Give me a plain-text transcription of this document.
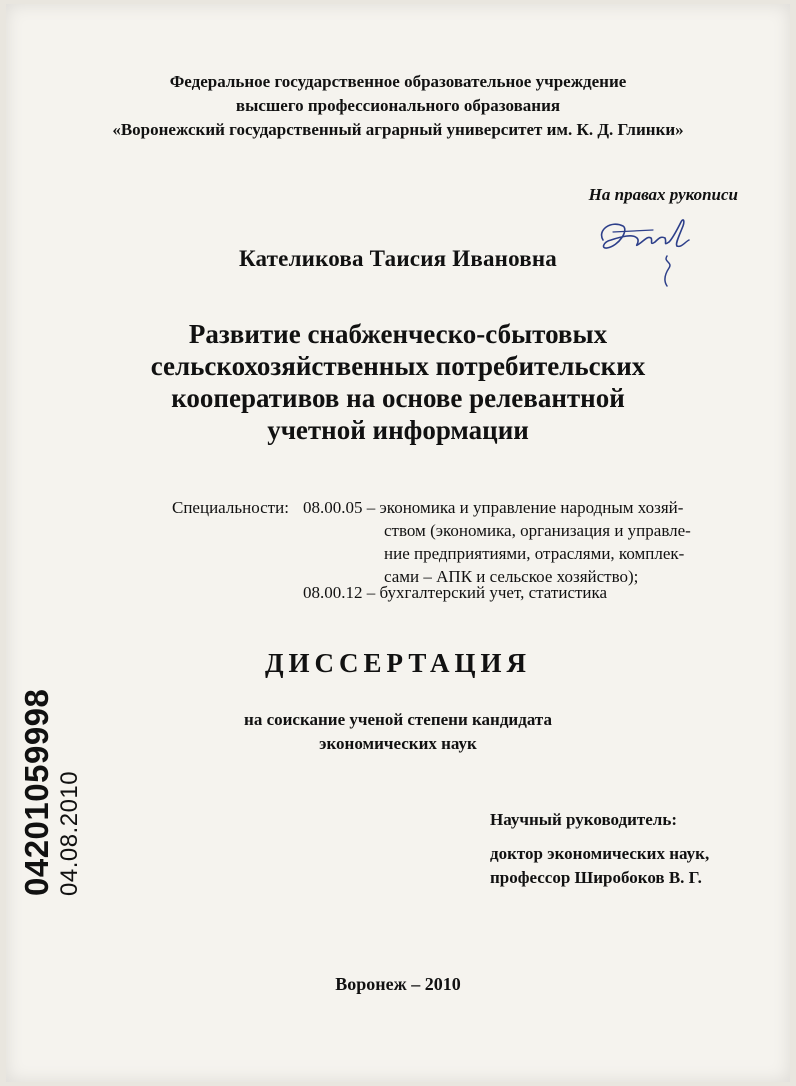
Федеральное государственное образовательное учреждение
высшего профессионального образования
«Воронежский государственный аграрный университет им. К. Д. Глинки»
На правах рукописи
Кателикова Таисия Ивановна
Развитие снабженческо-сбытовых
сельскохозяйственных потребительских
кооперативов на основе релевантной
учетной информации
Специальности: 08.00.05 – экономика и управление народным хозяй-
ством (экономика, организация и управле-
ние предприятиями, отраслями, комплек-
сами – АПК и сельское хозяйство);
08.00.12 – бухгалтерский учет, статистика
ДИССЕРТАЦИЯ
на соискание ученой степени кандидата
экономических наук
Научный руководитель:
доктор экономических наук,
профессор Широбоков В. Г.
Воронеж – 2010
04201059998 04.08.2010
